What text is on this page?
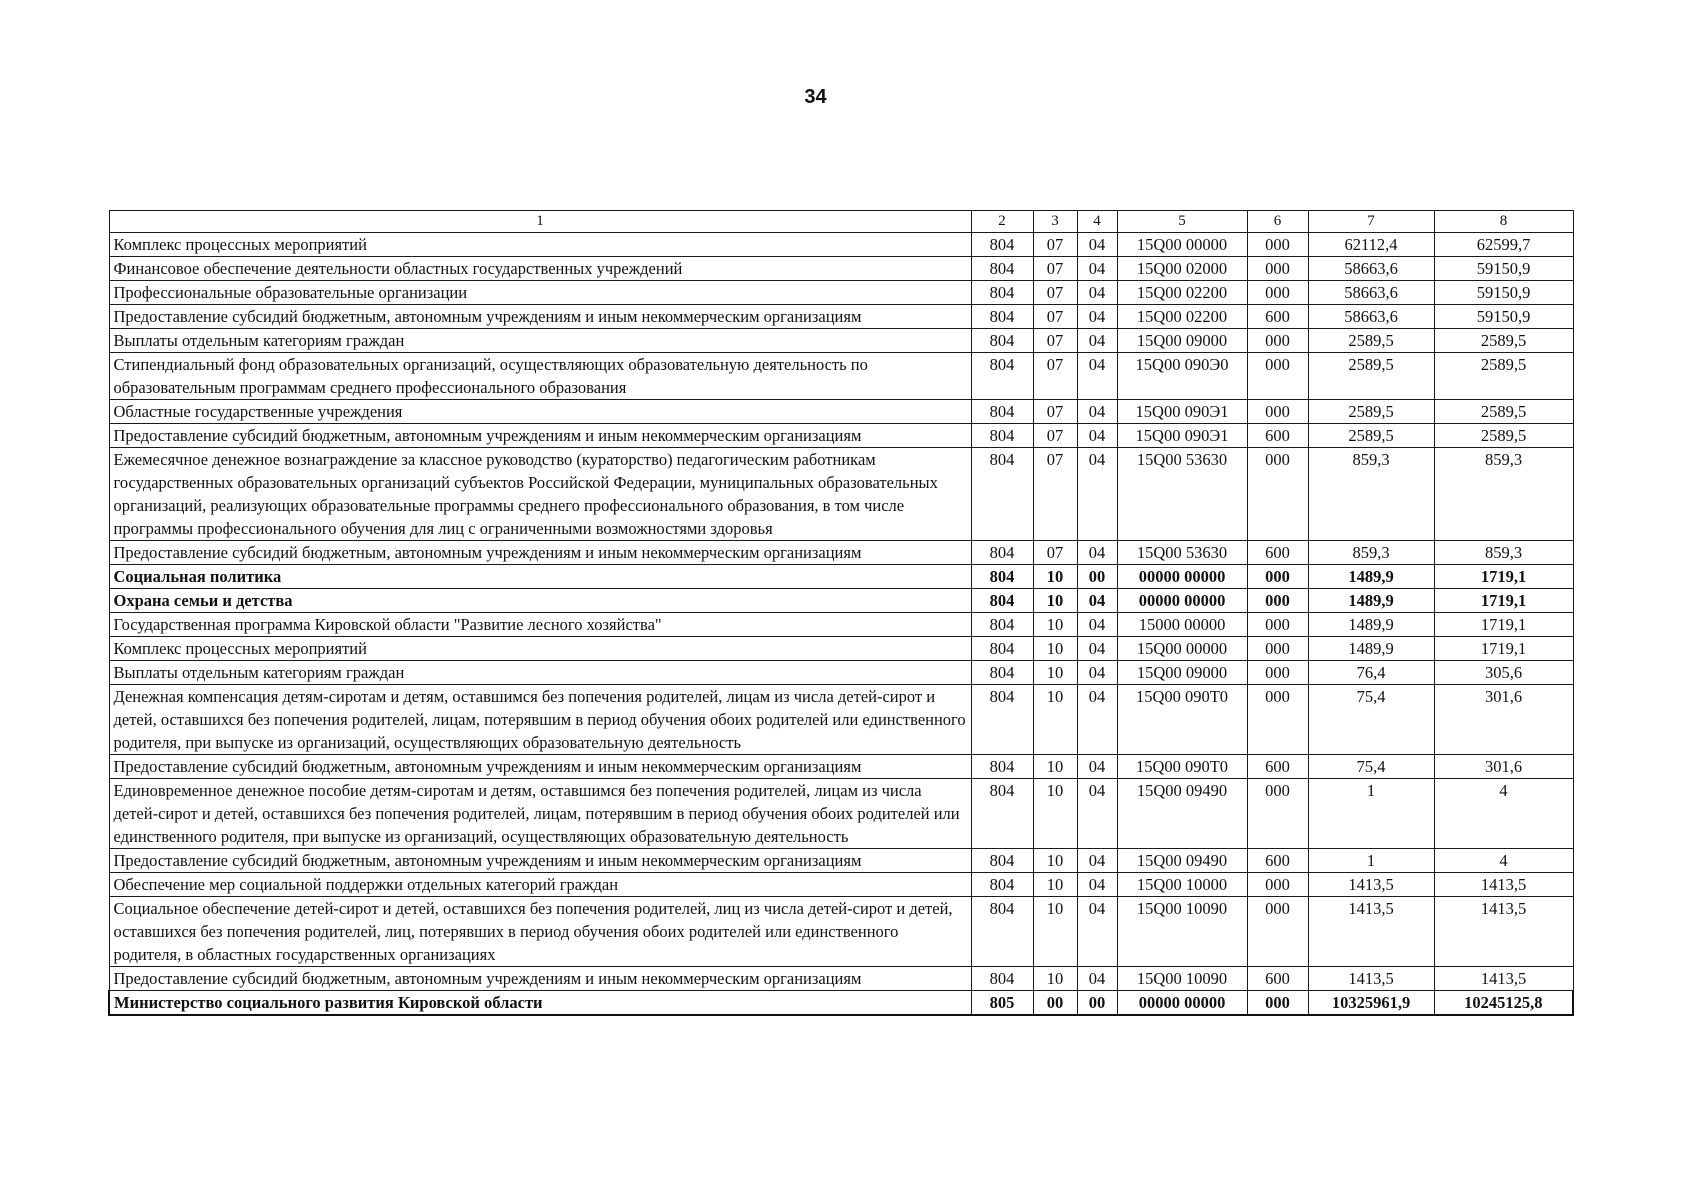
34
1	2	3	4	5	6	7	8
Комплекс процессных мероприятий	804	07	04	15Q00 00000	000	62112,4	62599,7
Финансовое обеспечение деятельности областных государственных учреждений	804	07	04	15Q00 02000	000	58663,6	59150,9
Профессиональные образовательные организации	804	07	04	15Q00 02200	000	58663,6	59150,9
Предоставление субсидий бюджетным, автономным учреждениям и иным некоммерческим организациям	804	07	04	15Q00 02200	600	58663,6	59150,9
Выплаты отдельным категориям граждан	804	07	04	15Q00 09000	000	2589,5	2589,5
Стипендиальный фонд образовательных организаций, осуществляющих образовательную деятельность по образовательным программам среднего профессионального образования	804	07	04	15Q00 090Э0	000	2589,5	2589,5
Областные государственные учреждения	804	07	04	15Q00 090Э1	000	2589,5	2589,5
Предоставление субсидий бюджетным, автономным учреждениям и иным некоммерческим организациям	804	07	04	15Q00 090Э1	600	2589,5	2589,5
Ежемесячное денежное вознаграждение за классное руководство (кураторство) педагогическим работникам государственных образовательных организаций субъектов Российской Федерации, муниципальных образовательных организаций, реализующих образовательные программы среднего профессионального образования, в том числе программы профессионального обучения для лиц с ограниченными возможностями здоровья	804	07	04	15Q00 53630	000	859,3	859,3
Предоставление субсидий бюджетным, автономным учреждениям и иным некоммерческим организациям	804	07	04	15Q00 53630	600	859,3	859,3
Социальная политика	804	10	00	00000 00000	000	1489,9	1719,1
Охрана семьи и детства	804	10	04	00000 00000	000	1489,9	1719,1
Государственная программа Кировской области "Развитие лесного хозяйства"	804	10	04	15000 00000	000	1489,9	1719,1
Комплекс процессных мероприятий	804	10	04	15Q00 00000	000	1489,9	1719,1
Выплаты отдельным категориям граждан	804	10	04	15Q00 09000	000	76,4	305,6
Денежная компенсация детям-сиротам и детям, оставшимся без попечения родителей, лицам из числа детей-сирот и детей, оставшихся без попечения родителей, лицам, потерявшим в период обучения обоих родителей или единственного родителя, при выпуске из организаций, осуществляющих образовательную деятельность	804	10	04	15Q00 090Т0	000	75,4	301,6
Предоставление субсидий бюджетным, автономным учреждениям и иным некоммерческим организациям	804	10	04	15Q00 090Т0	600	75,4	301,6
Единовременное денежное пособие детям-сиротам и детям, оставшимся без попечения родителей, лицам из числа детей-сирот и детей, оставшихся без попечения родителей, лицам, потерявшим в период обучения обоих родителей или единственного родителя, при выпуске из организаций, осуществляющих образовательную деятельность	804	10	04	15Q00 09490	000	1	4
Предоставление субсидий бюджетным, автономным учреждениям и иным некоммерческим организациям	804	10	04	15Q00 09490	600	1	4
Обеспечение мер социальной поддержки отдельных категорий граждан	804	10	04	15Q00 10000	000	1413,5	1413,5
Социальное обеспечение детей-сирот и детей, оставшихся без попечения родителей, лиц из числа детей-сирот и детей, оставшихся без попечения родителей, лиц, потерявших в период обучения обоих родителей или единственного родителя, в областных государственных организациях	804	10	04	15Q00 10090	000	1413,5	1413,5
Предоставление субсидий бюджетным, автономным учреждениям и иным некоммерческим организациям	804	10	04	15Q00 10090	600	1413,5	1413,5
Министерство социального развития Кировской области	805	00	00	00000 00000	000	10325961,9	10245125,8
